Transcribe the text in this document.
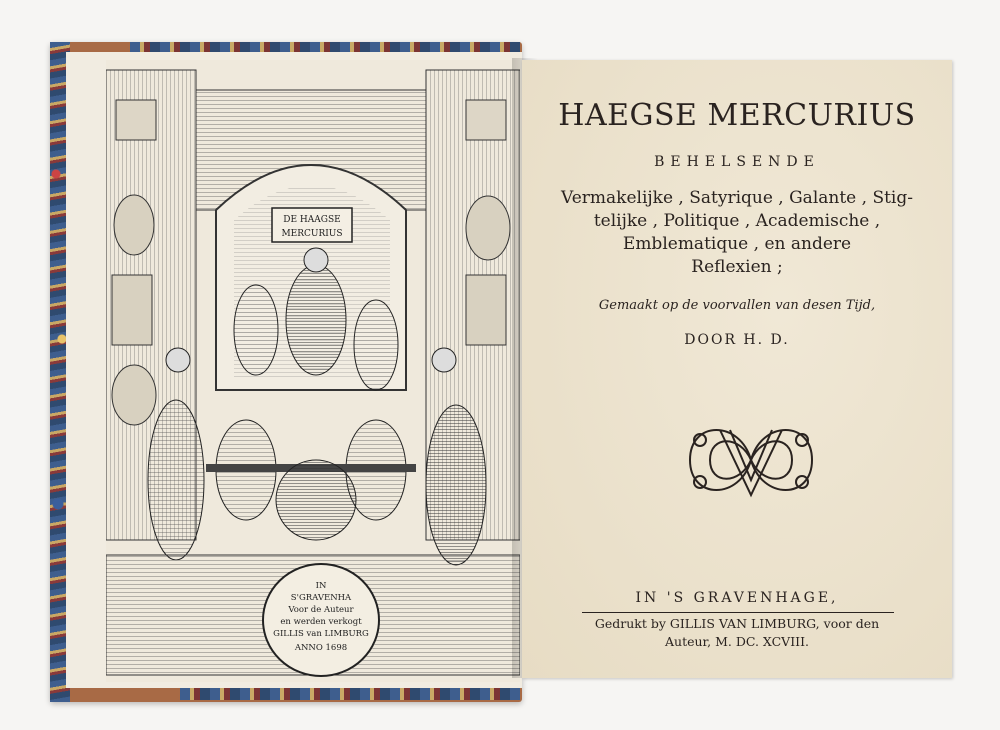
DE HAAGSE
MERCURIUS
IN
S'GRAVENHA
Voor de Auteur
en werden verkogt
GILLIS van LIMBURG
ANNO 1698
HAEGSE MERCURIUS
BEHELSENDE
Vermakelijke , Satyrique , Galante , Stig-
telijke , Politique , Academische ,
Emblematique , en andere
Reflexien ;
Gemaakt op de voorvallen van desen Tijd,
DOOR H. D.
IN 'S GRAVENHAGE,
Gedrukt by GILLIS VAN LIMBURG, voor den
Auteur, M. DC. XCVIII.
